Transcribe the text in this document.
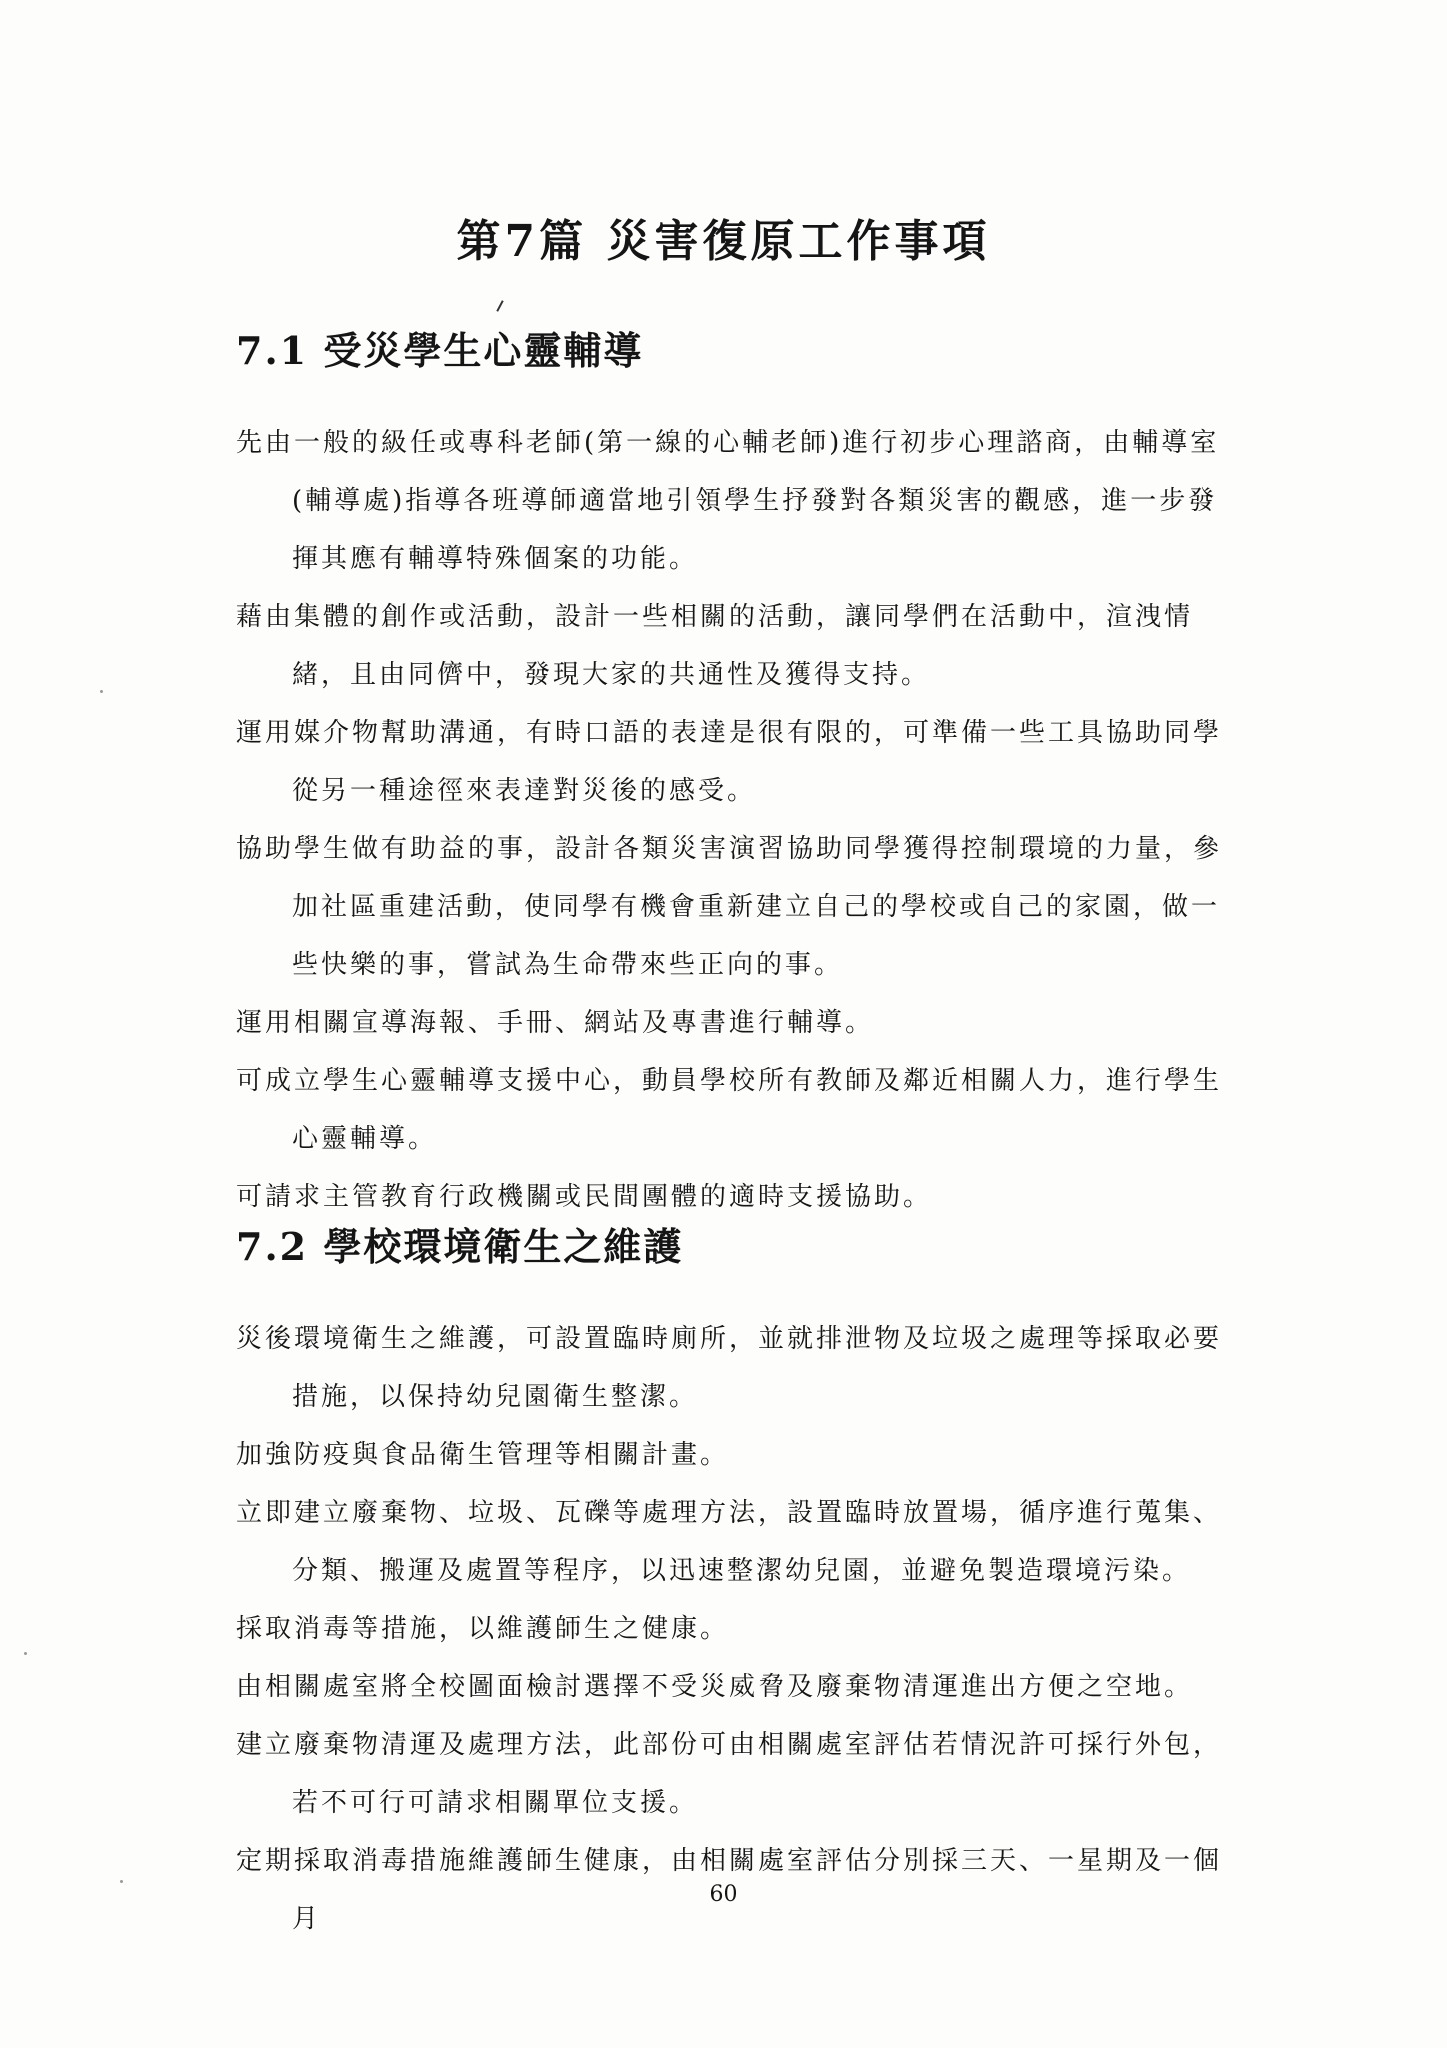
第7篇 災害復原工作事項
7.1 受災學生心靈輔導
先由一般的級任或專科老師(第一線的心輔老師)進行初步心理諮商，由輔導室(輔導處)指導各班導師適當地引領學生抒發對各類災害的觀感，進一步發揮其應有輔導特殊個案的功能。
藉由集體的創作或活動，設計一些相關的活動，讓同學們在活動中，渲洩情緒，且由同儕中，發現大家的共通性及獲得支持。
運用媒介物幫助溝通，有時口語的表達是很有限的，可準備一些工具協助同學從另一種途徑來表達對災後的感受。
協助學生做有助益的事，設計各類災害演習協助同學獲得控制環境的力量，參加社區重建活動，使同學有機會重新建立自己的學校或自己的家園，做一些快樂的事，嘗試為生命帶來些正向的事。
運用相關宣導海報、手冊、網站及專書進行輔導。
可成立學生心靈輔導支援中心，動員學校所有教師及鄰近相關人力，進行學生心靈輔導。
可請求主管教育行政機關或民間團體的適時支援協助。
7.2 學校環境衛生之維護
災後環境衛生之維護，可設置臨時廁所，並就排泄物及垃圾之處理等採取必要措施，以保持幼兒園衛生整潔。
加強防疫與食品衛生管理等相關計畫。
立即建立廢棄物、垃圾、瓦礫等處理方法，設置臨時放置場，循序進行蒐集、分類、搬運及處置等程序，以迅速整潔幼兒園，並避免製造環境污染。
採取消毒等措施，以維護師生之健康。
由相關處室將全校圖面檢討選擇不受災威脅及廢棄物清運進出方便之空地。
建立廢棄物清運及處理方法，此部份可由相關處室評估若情況許可採行外包，若不可行可請求相關單位支援。
定期採取消毒措施維護師生健康，由相關處室評估分別採三天、一星期及一個月
60
